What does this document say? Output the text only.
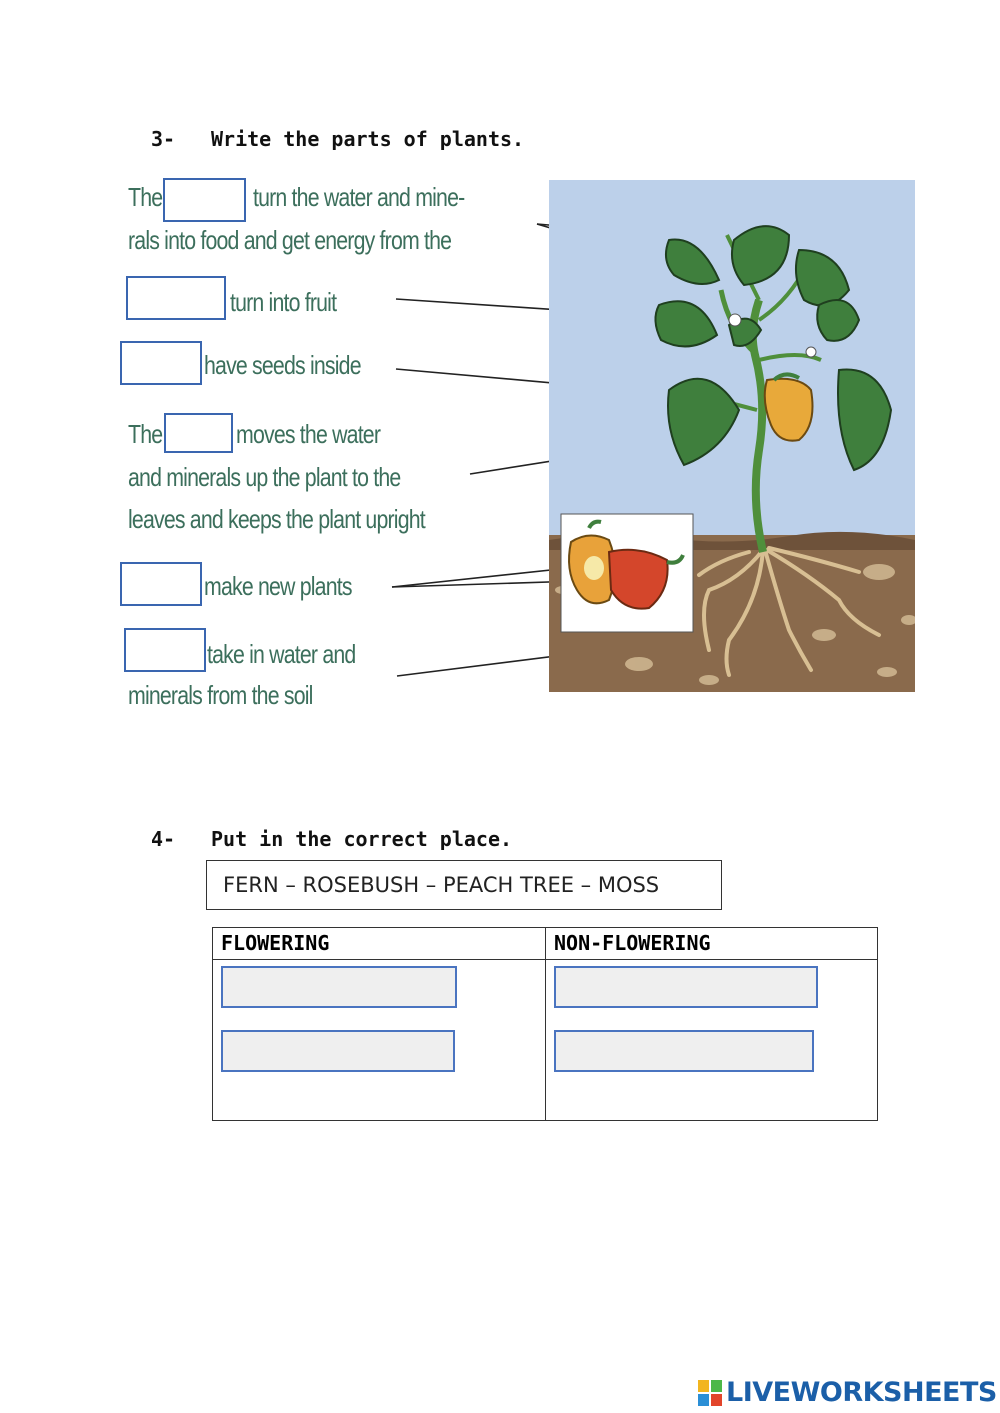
3- Write the parts of plants.
The	turn the water and mine-
rals into food and get energy from the
turn into fruit
have seeds inside
The	moves the water
and minerals up the plant to the
leaves and keeps the plant upright
make new plants
take in water and
minerals from the soil
4- Put in the correct place.
FERN – ROSEBUSH – PEACH TREE – MOSS
FLOWERING	NON-FLOWERING

LIVEWORKSHEETS
